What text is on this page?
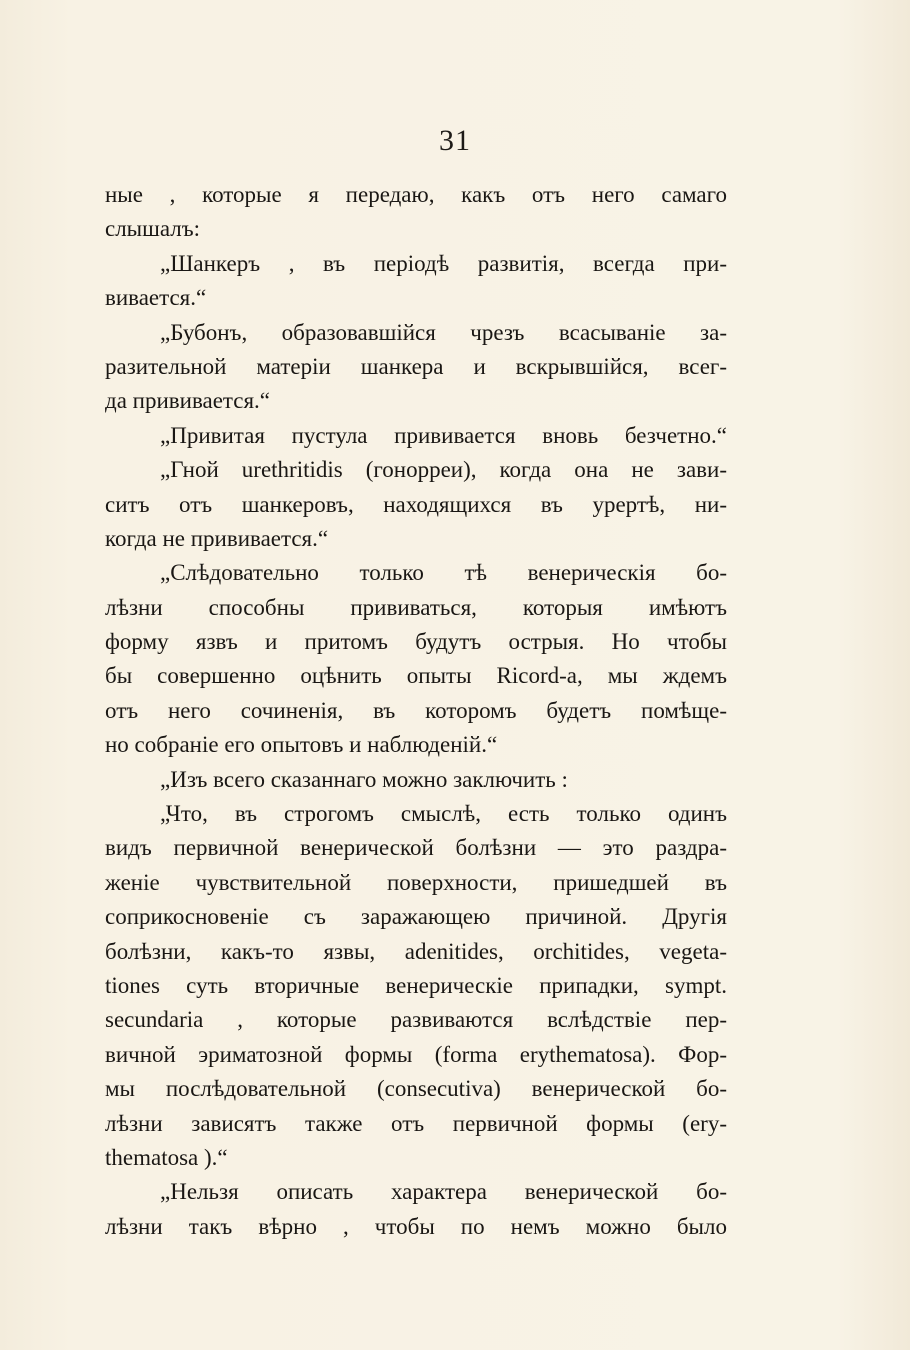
31
ные , которые я передаю, какъ отъ него самаго
слышалъ:
„Шанкеръ , въ періодѣ развитія, всегда при-
вивается.“
„Бубонъ, образовавшійся чрезъ всасываніе за-
разительной матеріи шанкера и вскрывшійся, всег-
да прививается.“
„Привитая пустула прививается вновь безчетно.“
„Гной urethritidis (гонорреи), когда она не зави-
ситъ отъ шанкеровъ, находящихся въ урертѣ, ни-
когда не прививается.“
„Слѣдовательно только тѣ венерическія бо-
лѣзни способны прививаться, которыя имѣютъ
форму язвъ и притомъ будутъ острыя. Но чтобы
бы совершенно оцѣнить опыты Ricord-а, мы ждемъ
отъ него сочиненія, въ которомъ будетъ помѣще-
но собраніе его опытовъ и наблюденій.“
„Изъ всего сказаннаго можно заключить :
„Что, въ строгомъ смыслѣ, есть только одинъ
видъ первичной венерической болѣзни — это раздра-
женіе чувствительной поверхности, пришедшей въ
соприкосновеніе съ заражающею причиной. Другія
болѣзни, какъ-то язвы, adenitides, orchitides, vegeta-
tiones суть вторичные венерическіе припадки, sympt.
secundaria , которые развиваются вслѣдствіе пер-
вичной эриматозной формы (forma erythematosa). Фор-
мы послѣдовательной (consecutiva) венерической бо-
лѣзни зависятъ также отъ первичной формы (ery-
thematosa ).“
„Нельзя описать характера венерической бо-
лѣзни такъ вѣрно , чтобы по немъ можно было
